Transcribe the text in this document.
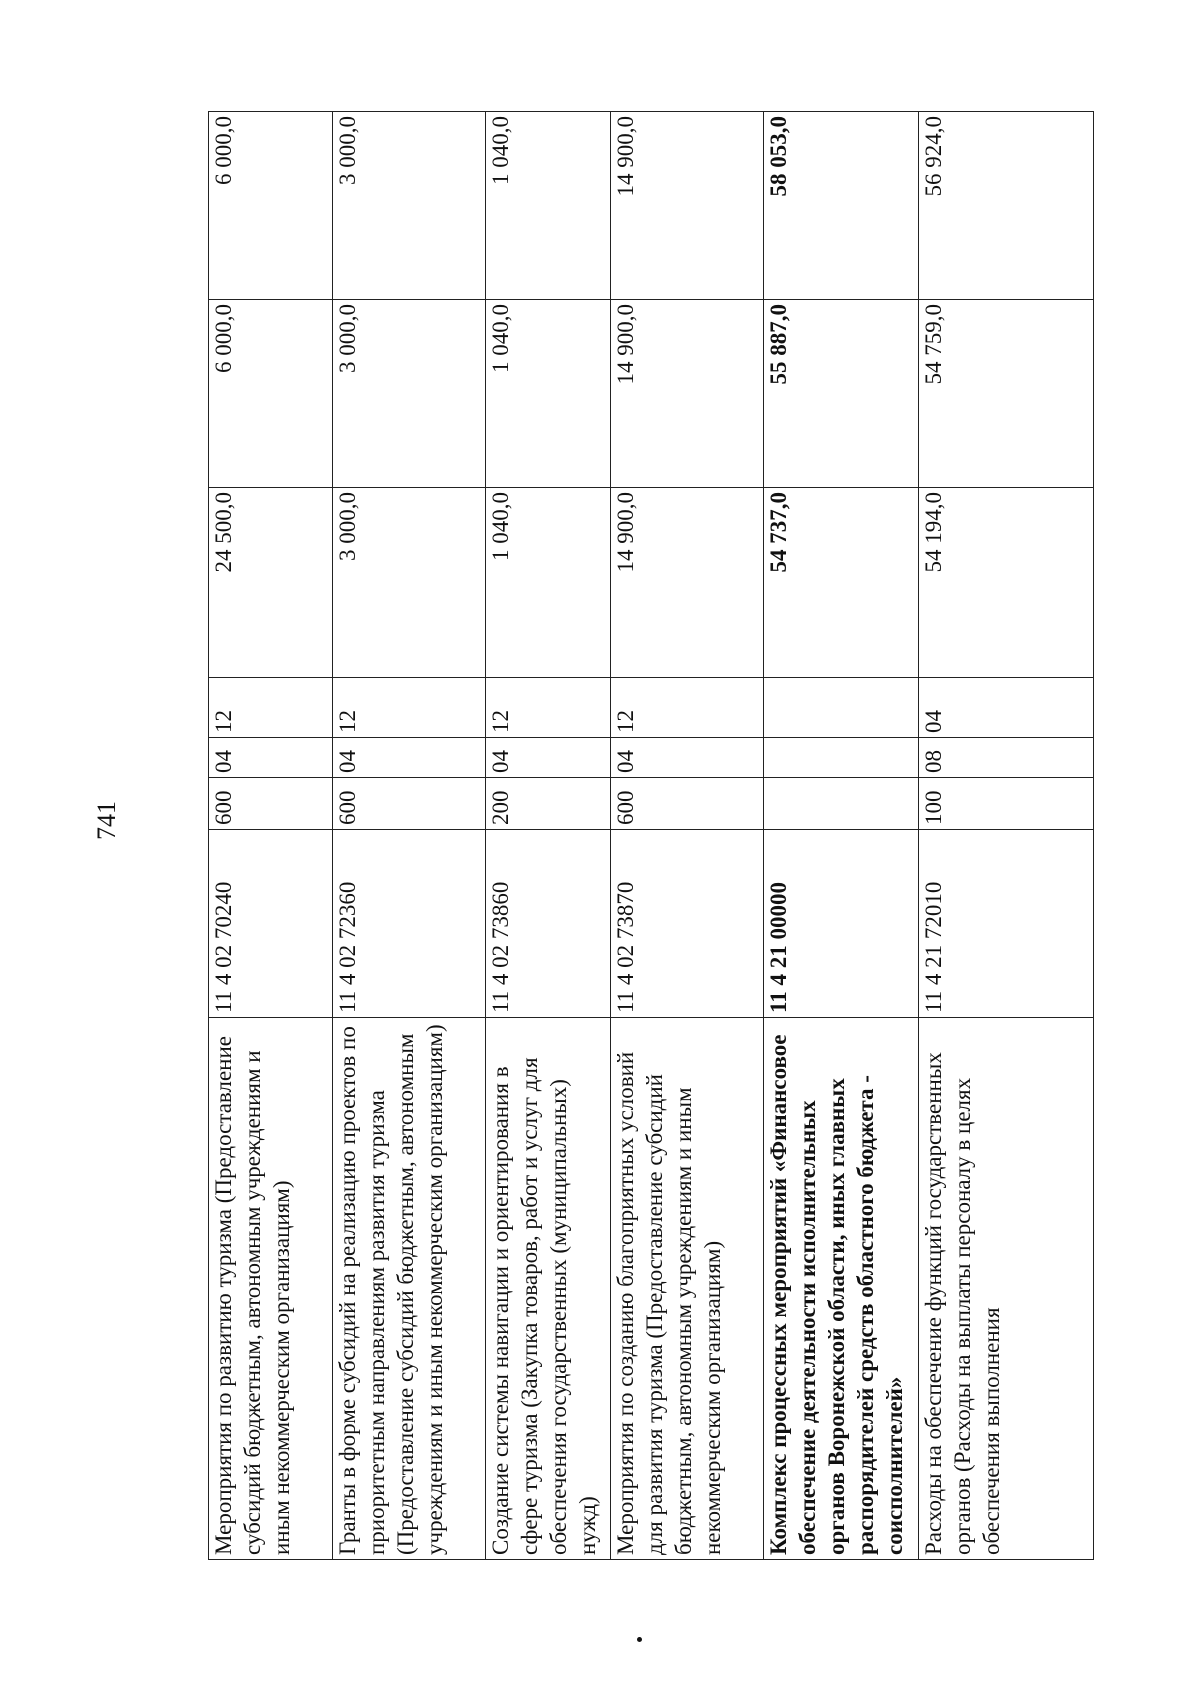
741
Мероприятия по развитию туризма (Предоставление субсидий бюджетным, автономным учреждениям и иным некоммерческим организациям)	11 4 02 70240	600	04	12	24 500,0	6 000,0	6 000,0
Гранты в форме субсидий на реализацию проектов по приоритетным направлениям развития туризма (Предоставление субсидий бюджетным, автономным учреждениям и иным некоммерческим организациям)	11 4 02 72360	600	04	12	3 000,0	3 000,0	3 000,0
Создание системы навигации и ориентирования в сфере туризма (Закупка товаров, работ и услуг для обеспечения государственных (муниципальных) нужд)	11 4 02 73860	200	04	12	1 040,0	1 040,0	1 040,0
Мероприятия по созданию благоприятных условий для развития туризма (Предоставление субсидий бюджетным, автономным учреждениям и иным некоммерческим организациям)	11 4 02 73870	600	04	12	14 900,0	14 900,0	14 900,0
Комплекс процессных мероприятий «Финансовое обеспечение деятельности исполнительных органов Воронежской области, иных главных распорядителей средств областного бюджета - соисполнителей»	11 4 21 00000				54 737,0	55 887,0	58 053,0
Расходы на обеспечение функций государственных органов (Расходы на выплаты персоналу в целях обеспечения выполнения	11 4 21 72010	100	08	04	54 194,0	54 759,0	56 924,0
